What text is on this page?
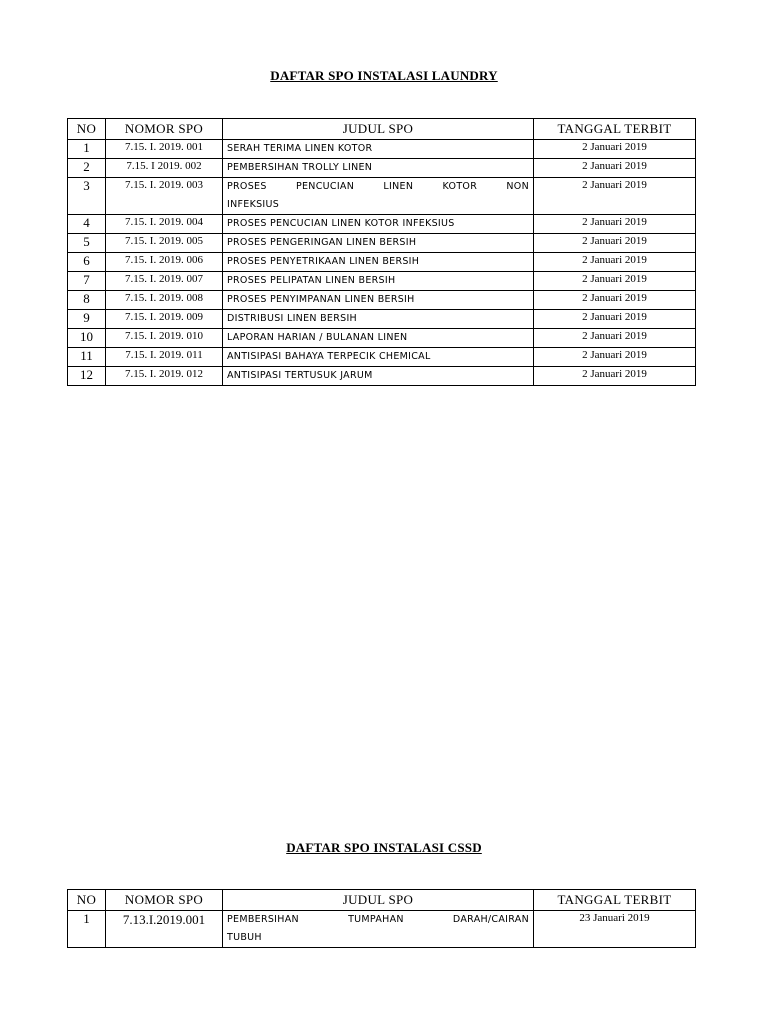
DAFTAR SPO INSTALASI LAUNDRY
NO	NOMOR SPO	JUDUL SPO	TANGGAL TERBIT
1	7.15. I. 2019. 001	SERAH TERIMA LINEN KOTOR	2 Januari 2019
2	7.15. I 2019. 002	PEMBERSIHAN TROLLY LINEN	2 Januari 2019
3	7.15. I. 2019. 003	PROSES PENCUCIAN LINEN KOTOR NON
INFEKSIUS	2 Januari 2019
4	7.15. I. 2019. 004	PROSES PENCUCIAN LINEN KOTOR INFEKSIUS	2 Januari 2019
5	7.15. I. 2019. 005	PROSES PENGERINGAN LINEN BERSIH	2 Januari 2019
6	7.15. I. 2019. 006	PROSES PENYETRIKAAN LINEN BERSIH	2 Januari 2019
7	7.15. I. 2019. 007	PROSES PELIPATAN LINEN BERSIH	2 Januari 2019
8	7.15. I. 2019. 008	PROSES PENYIMPANAN LINEN BERSIH	2 Januari 2019
9	7.15. I. 2019. 009	DISTRIBUSI LINEN BERSIH	2 Januari 2019
10	7.15. I. 2019. 010	LAPORAN HARIAN / BULANAN LINEN	2 Januari 2019
11	7.15. I. 2019. 011	ANTISIPASI BAHAYA TERPECIK CHEMICAL	2 Januari 2019
12	7.15. I. 2019. 012	ANTISIPASI TERTUSUK JARUM	2 Januari 2019
DAFTAR SPO INSTALASI CSSD
NO	NOMOR SPO	JUDUL SPO	TANGGAL TERBIT
1	7.13.I.2019.001	PEMBERSIHAN TUMPAHAN DARAH/CAIRAN
TUBUH	23 Januari 2019
